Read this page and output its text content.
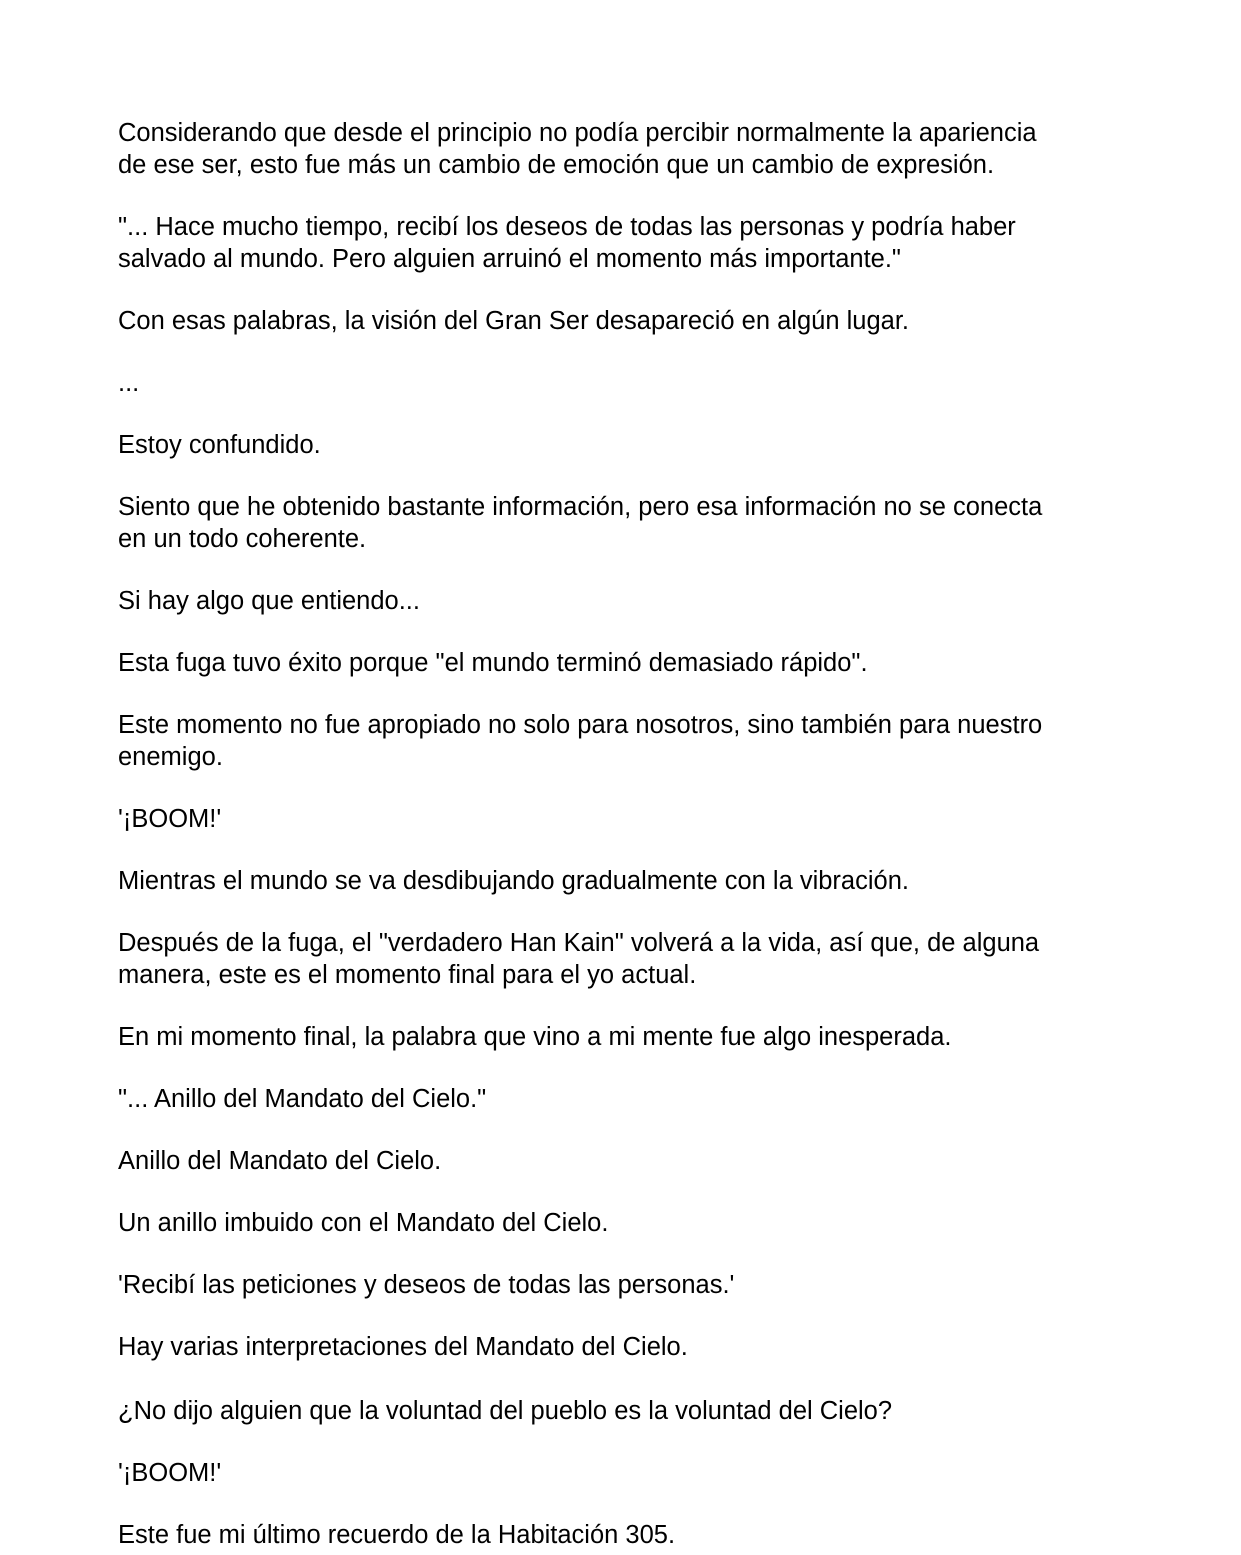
Considerando que desde el principio no podía percibir normalmente la apariencia
de ese ser, esto fue más un cambio de emoción que un cambio de expresión.

"... Hace mucho tiempo, recibí los deseos de todas las personas y podría haber
salvado al mundo. Pero alguien arruinó el momento más importante."

Con esas palabras, la visión del Gran Ser desapareció en algún lugar.

...

Estoy confundido.

Siento que he obtenido bastante información, pero esa información no se conecta
en un todo coherente.

Si hay algo que entiendo...

Esta fuga tuvo éxito porque "el mundo terminó demasiado rápido".

Este momento no fue apropiado no solo para nosotros, sino también para nuestro
enemigo.

'¡BOOM!'

Mientras el mundo se va desdibujando gradualmente con la vibración.

Después de la fuga, el "verdadero Han Kain" volverá a la vida, así que, de alguna
manera, este es el momento final para el yo actual.

En mi momento final, la palabra que vino a mi mente fue algo inesperada.

"... Anillo del Mandato del Cielo."

Anillo del Mandato del Cielo.

Un anillo imbuido con el Mandato del Cielo.

'Recibí las peticiones y deseos de todas las personas.'

Hay varias interpretaciones del Mandato del Cielo.

¿No dijo alguien que la voluntad del pueblo es la voluntad del Cielo?

'¡BOOM!'

Este fue mi último recuerdo de la Habitación 305.
